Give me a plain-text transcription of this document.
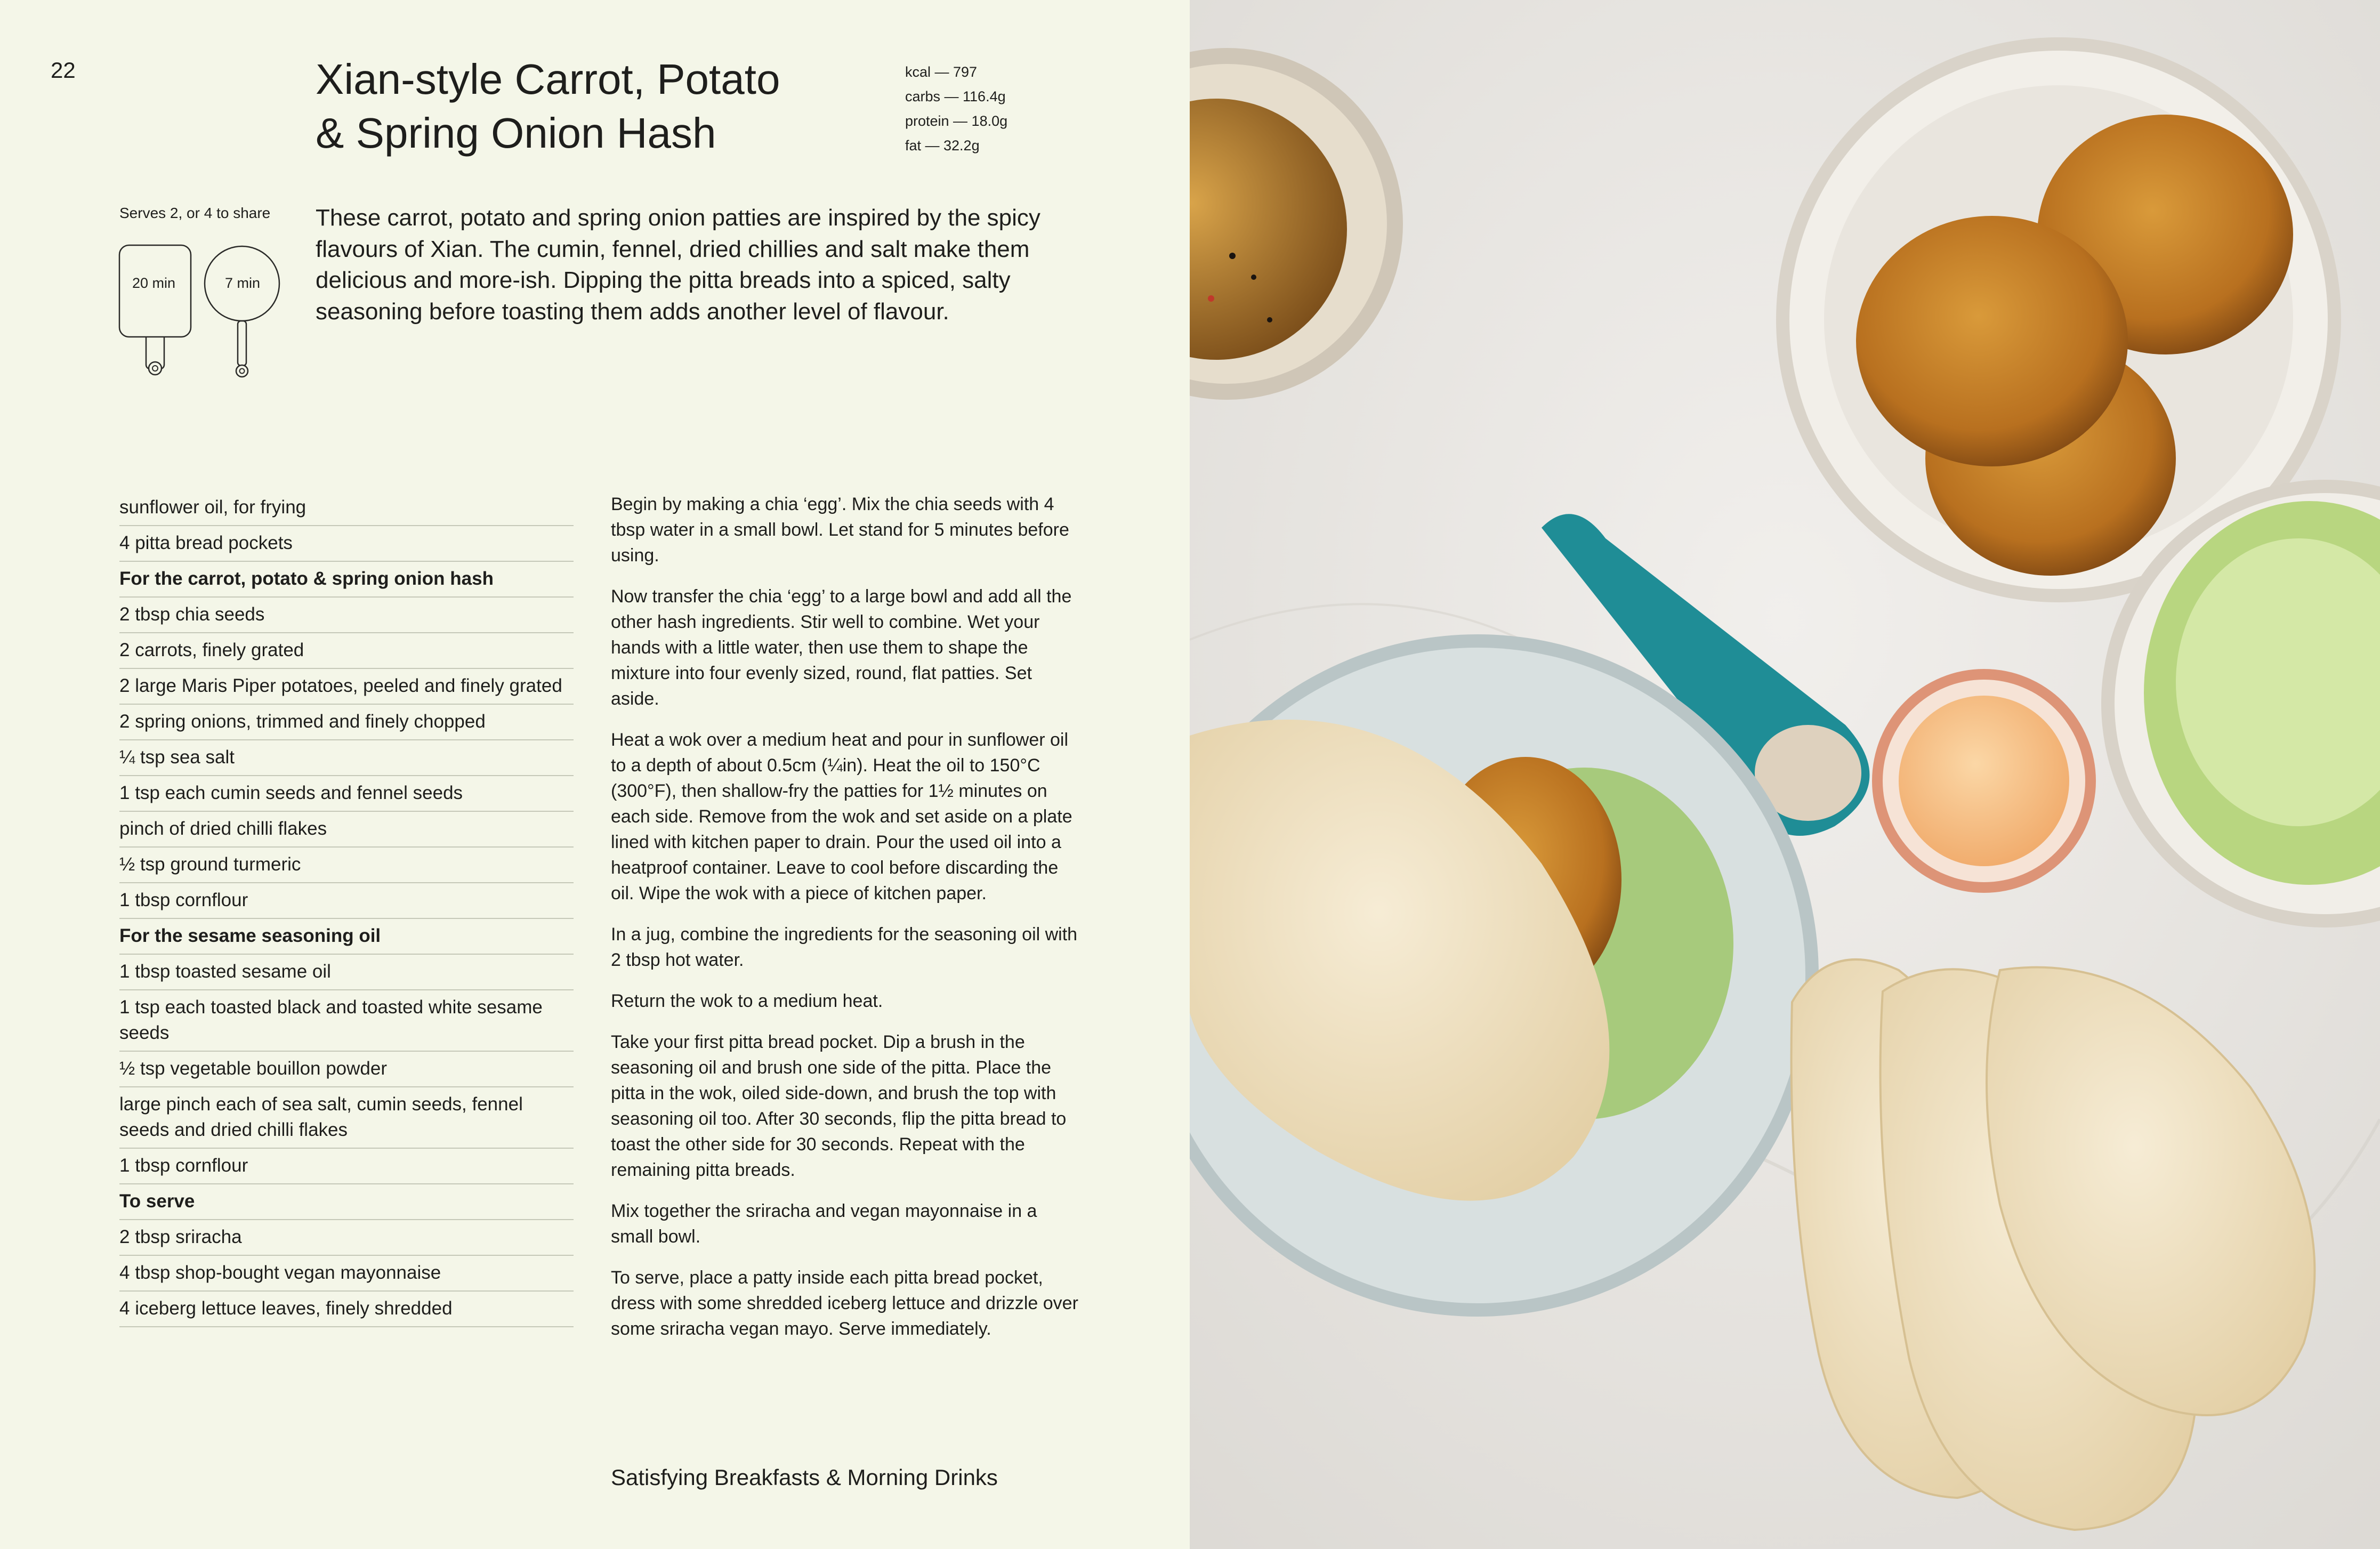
22	Xian-style Carrot, Potato
& Spring Onion Hash
kcal — 797
carbs — 116.4g
protein — 18.0g
fat — 32.2g
Serves 2, or 4 to share
20 min	7 min

These carrot, potato and spring onion patties are inspired by the spicy flavours of Xian. The cumin, fennel, dried chillies and salt make them delicious and more-ish. Dipping the pitta breads into a spiced, salty seasoning before toasting them adds another level of flavour.

sunflower oil, for frying
4 pitta bread pockets
For the carrot, potato & spring onion hash
2 tbsp chia seeds
2 carrots, finely grated
2 large Maris Piper potatoes, peeled and finely grated
2 spring onions, trimmed and finely chopped
¼ tsp sea salt
1 tsp each cumin seeds and fennel seeds
pinch of dried chilli flakes
½ tsp ground turmeric
1 tbsp cornflour
For the sesame seasoning oil
1 tbsp toasted sesame oil
1 tsp each toasted black and toasted white sesame seeds
½ tsp vegetable bouillon powder
large pinch each of sea salt, cumin seeds, fennel seeds and dried chilli flakes
1 tbsp cornflour
To serve
2 tbsp sriracha
4 tbsp shop-bought vegan mayonnaise
4 iceberg lettuce leaves, finely shredded

Begin by making a chia ‘egg’. Mix the chia seeds with 4 tbsp water in a small bowl. Let stand for 5 minutes before using.

Now transfer the chia ‘egg’ to a large bowl and add all the other hash ingredients. Stir well to combine. Wet your hands with a little water, then use them to shape the mixture into four evenly sized, round, flat patties. Set aside.

Heat a wok over a medium heat and pour in sunflower oil to a depth of about 0.5cm (¼in). Heat the oil to 150°C (300°F), then shallow-fry the patties for 1½ minutes on each side. Remove from the wok and set aside on a plate lined with kitchen paper to drain. Pour the used oil into a heatproof container. Leave to cool before discarding the oil. Wipe the wok with a piece of kitchen paper.

In a jug, combine the ingredients for the seasoning oil with 2 tbsp hot water.

Return the wok to a medium heat.

Take your first pitta bread pocket. Dip a brush in the seasoning oil and brush one side of the pitta. Place the pitta in the wok, oiled side-down, and brush the top with seasoning oil too. After 30 seconds, flip the pitta bread to toast the other side for 30 seconds. Repeat with the remaining pitta breads.

Mix together the sriracha and vegan mayonnaise in a small bowl.

To serve, place a patty inside each pitta bread pocket, dress with some shredded iceberg lettuce and drizzle over some sriracha vegan mayo. Serve immediately.

Satisfying Breakfasts & Morning Drinks
